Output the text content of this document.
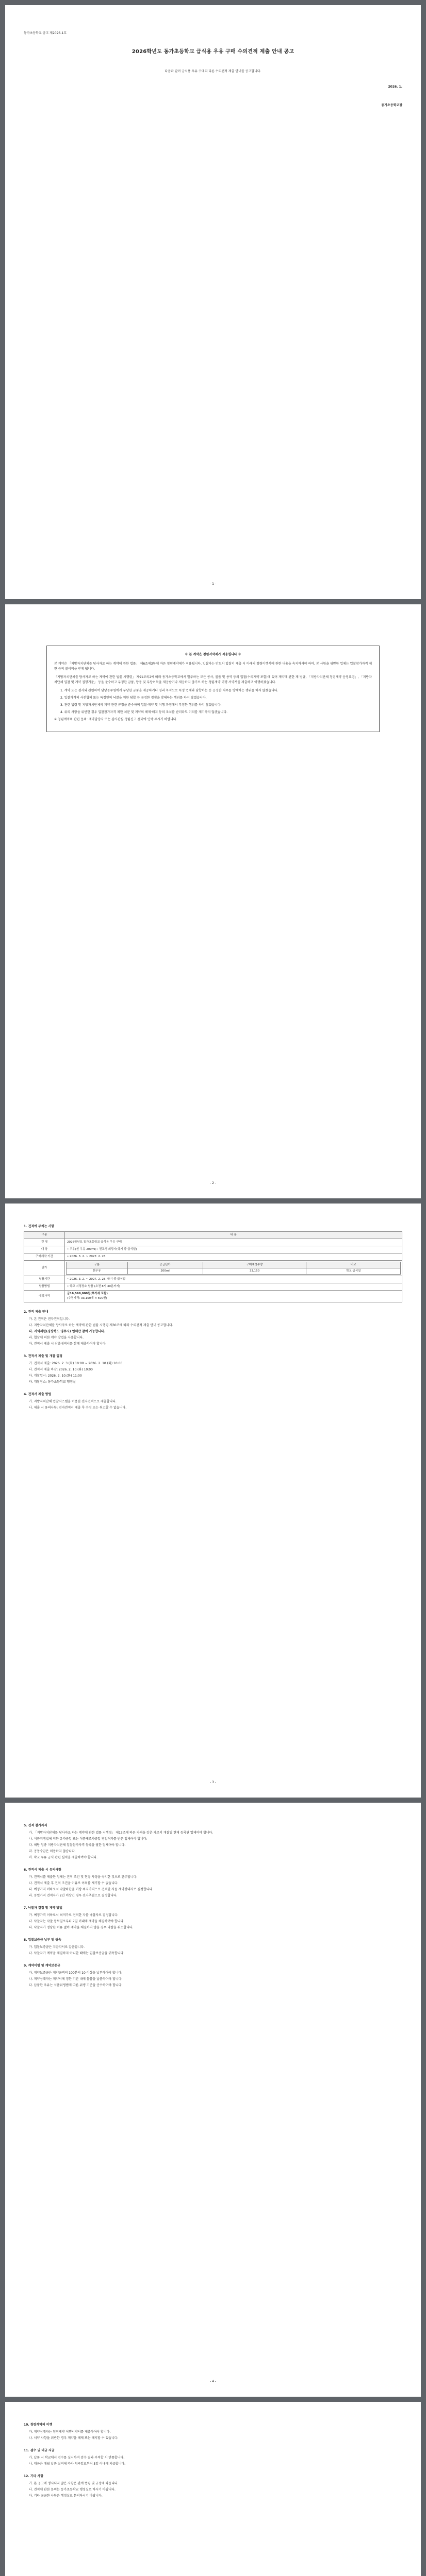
동가초등학교 공고 제2026-1호
2026학년도 동가초등학교 급식용 우유 구매 수의견적 제출 안내 공고
다음과 같이 급식용 우유 구매의 다른 수의견적 제출 안내를 공고합니다.
2026. 1.
동가초등학교장
- 1 -
※ 본 계약은 청렴서약제가 적용됩니다 ※

본 계약은 「지방자치단체를 당사자로 하는 계약에 관한 법률」 제6조제3항에 따른 청렴계약제가 적용됩니다. 입찰자는 반드시 입찰서 제출 시 아래의 청렴이행서에 관한 내용을 숙지하셔야 하며, 본 사항을 위반한 업체는 입찰참가자격 제한 등의 불이익을 받게 됩니다.

「지방자치단체를 당사자로 하는 계약에 관한 법률 시행령」 제91조의2에 따라 동가초등학교에서 발주하는 모든 공사, 물품 및 용역 등의 입찰(수의계약 포함)에 있어 계약에 관한 제 법규, 「지방자치단체 청렴계약 운영요령」, 「지방자치단체 입찰 및 계약 집행기준」 등을 준수하고 부정한 금품, 향응 및 부당이득을 제공받거나 제공하지 않기로 하는 청렴계약 이행 서약서를 제출하고 이행하겠습니다.

1. 계약 또는 검사와 관련하여 담당공무원에게 부당한 금품을 제공하거나 영리 목적으로 특정 업체와 담합하는 등 공정한 직무를 방해하는 행위를 하지 않겠습니다.
2. 입찰가격의 사전협의 또는 특정인의 낙찰을 위한 담합 등 공정한 경쟁을 방해하는 행위를 하지 않겠습니다.
3. 관련 법령 및 지방자치단체의 계약 관련 규정을 준수하며 입찰·계약 및 이행 과정에서 부정한 행위를 하지 않겠습니다.
4. 위의 사항을 위반한 경우 입찰참가자격 제한 처분 및 계약의 해제·해지 등의 조치를 받더라도 이의를 제기하지 않겠습니다.

※ 청렴계약의 관련 문의: 계약담당자 또는 감사관실 청렴신고 센터에 연락 주시기 바랍니다.

- 2 -
1. 견적에 부치는 사항
구분	내 용
건 명	2026학년도 동가초등학교 급식용 우유 구매
대 상	• 우유(흰 우유 200ml) : 전교생 희망자(학기 중 급식일)
구매계약 기간	• 2026. 3. 2. ~ 2027. 2. 28.
단가	
구분	공급단가	구매예정수량	비고
흰우유	200ml	33,150	학교 급식일

납품기간	• 2026. 3. 2. ~ 2027. 2. 28. 학기 중 급식일
납품방법	• 학교 지정장소 납품 (오전 8시 30분까지)
예정가격	금16,568,000원(부가세 포함)
(추정가격: 33,150개 × 500원)
2. 견적 제출 안내
가. 본 견적은 전자견적입니다.
나. 지방자치단체를 당사자로 하는 계약에 관한 법률 시행령 제30조에 따라 수의견적 제출 안내 공고합니다.
다. 지역제한(경상북도 영주시) 업체만 참여 가능합니다.
라. 협상에 의한 계약 방법을 사용합니다.
마. 견적서 제출 시 산출내역서를 함께 제출하여야 합니다.
3. 견적서 제출 및 개찰 일정
가. 견적서 제출: 2026. 2. 3.(화) 10:00 ~ 2026. 2. 10.(화) 10:00
나. 견적서 제출 마감: 2026. 2. 10.(화) 10:00
다. 개찰일시: 2026. 2. 10.(화) 11:00
라. 개찰장소: 동가초등학교 행정실
4. 견적서 제출 방법
가. 지방자치단체 입찰시스템을 이용한 전자견적으로 제출합니다.
나. 제출 시 유의사항: 전자견적서 제출 후 수정 또는 취소할 수 없습니다.
- 3 -
5. 견적 참가자격
가. 「지방자치단체를 당사자로 하는 계약에 관한 법률 시행령」 제13조에 따른 자격을 갖춘 자로서 개찰일 현재 등록된 업체여야 합니다.
나. 식품위생법에 의한 유가공업 또는 식품제조가공업 영업허가를 받은 업체여야 합니다.
다. 해당 업종 지방자치단체 입찰참가자격 등록을 필한 업체여야 합니다.
라. 공동수급은 허용하지 않습니다.
마. 학교 우유 급식 관련 실적을 제출하여야 합니다.
6. 견적서 제출 시 유의사항
가. 견적서를 제출한 업체는 견적 조건 및 현장 사정을 숙지한 것으로 간주합니다.
나. 견적서 제출 후 견적 조건을 이유로 이의를 제기할 수 없습니다.
다. 예정가격 이하로서 낙찰하한율 이상 최저가격으로 견적한 자를 계약상대자로 결정합니다.
라. 동일가격 견적자가 2인 이상인 경우 전자추첨으로 결정합니다.
7. 낙찰자 결정 및 계약 방법
가. 예정가격 이하로서 최저가로 견적한 자를 낙찰자로 결정합니다.
나. 낙찰자는 낙찰 통보일로부터 7일 이내에 계약을 체결하여야 합니다.
다. 낙찰자가 정당한 이유 없이 계약을 체결하지 않을 경우 낙찰을 취소합니다.
8. 입찰보증금 납부 및 귀속
가. 입찰보증금은 지급각서로 갈음합니다.
나. 낙찰자가 계약을 체결하지 아니한 때에는 입찰보증금을 귀속합니다.
9. 계약이행 및 계약보증금
가. 계약보증금은 계약금액의 100분의 10 이상을 납부하여야 합니다.
나. 계약상대자는 계약서에 정한 기간 내에 물품을 납품하여야 합니다.
다. 납품한 우유는 식품위생법에 따른 위생 기준을 준수하여야 합니다.
- 4 -
10. 청렴계약의 이행
가. 계약상대자는 청렴계약 이행서약서를 제출하여야 합니다.
나. 서약 사항을 위반한 경우 계약을 해제 또는 해지할 수 있습니다.
11. 검수 및 대금 지급
가. 납품 시 학교에서 검수를 실시하며 검수 결과 부적합 시 반품합니다.
나. 대금은 매월 납품 실적에 따라 청구일로부터 5일 이내에 지급합니다.
12. 기타 사항
가. 본 공고에 명시되지 않은 사항은 관계 법령 및 규정에 따릅니다.
나. 견적에 관한 문의는 동가초등학교 행정실로 하시기 바랍니다.
다. 기타 궁금한 사항은 행정실로 문의하시기 바랍니다.
